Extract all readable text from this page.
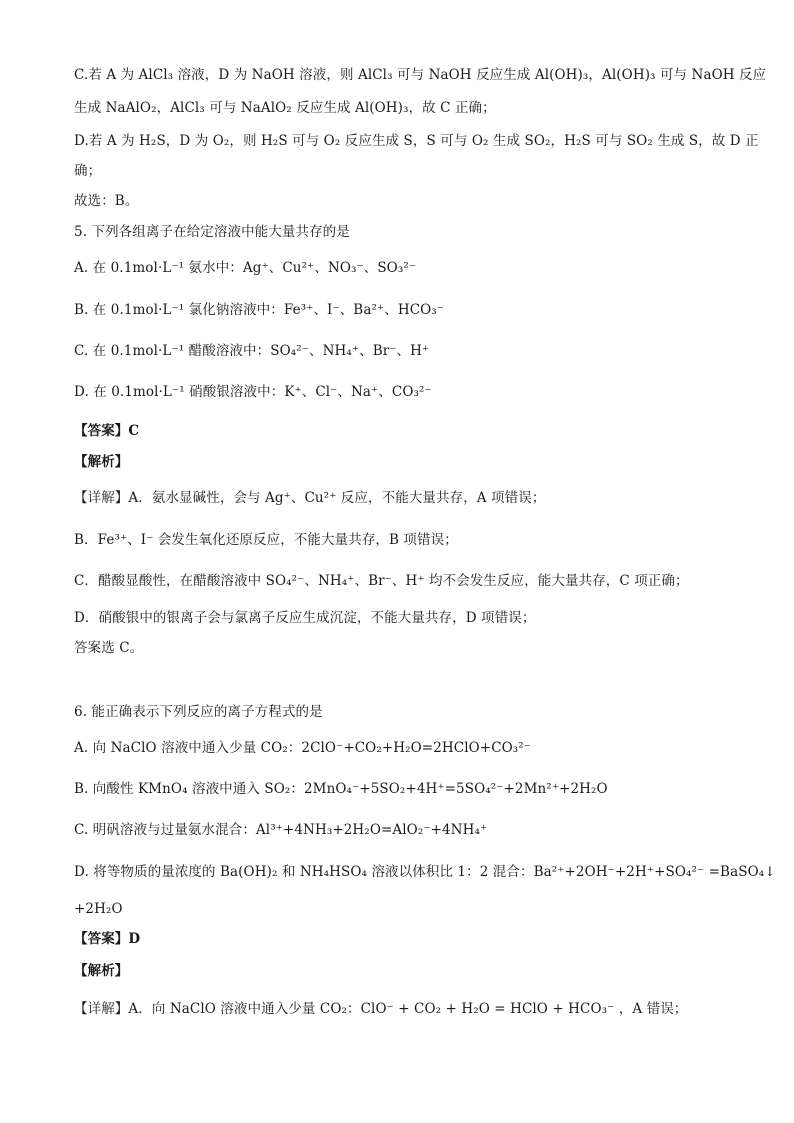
C.若 A 为 AlCl₃ 溶液，D 为 NaOH 溶液，则 AlCl₃ 可与 NaOH 反应生成 Al(OH)₃，Al(OH)₃ 可与 NaOH 反应
生成 NaAlO₂，AlCl₃ 可与 NaAlO₂ 反应生成 Al(OH)₃，故 C 正确；
D.若 A 为 H₂S，D 为 O₂，则 H₂S 可与 O₂ 反应生成 S，S 可与 O₂ 生成 SO₂，H₂S 可与 SO₂ 生成 S，故 D 正
确；
故选：B。
5. 下列各组离子在给定溶液中能大量共存的是
A. 在 0.1mol·L⁻¹ 氨水中：Ag⁺、Cu²⁺、NO₃⁻、SO₃²⁻
B. 在 0.1mol·L⁻¹ 氯化钠溶液中：Fe³⁺、I⁻、Ba²⁺、HCO₃⁻
C. 在 0.1mol·L⁻¹ 醋酸溶液中：SO₄²⁻、NH₄⁺、Br⁻、H⁺
D. 在 0.1mol·L⁻¹ 硝酸银溶液中：K⁺、Cl⁻、Na⁺、CO₃²⁻
【答案】C
【解析】
【详解】A．氨水显碱性，会与 Ag⁺、Cu²⁺ 反应，不能大量共存，A 项错误；
B．Fe³⁺、I⁻ 会发生氧化还原反应，不能大量共存，B 项错误；
C．醋酸显酸性，在醋酸溶液中 SO₄²⁻、NH₄⁺、Br⁻、H⁺ 均不会发生反应，能大量共存，C 项正确；
D．硝酸银中的银离子会与氯离子反应生成沉淀，不能大量共存，D 项错误；
答案选 C。
6. 能正确表示下列反应的离子方程式的是
A. 向 NaClO 溶液中通入少量 CO₂：2ClO⁻+CO₂+H₂O=2HClO+CO₃²⁻
B. 向酸性 KMnO₄ 溶液中通入 SO₂：2MnO₄⁻+5SO₂+4H⁺=5SO₄²⁻+2Mn²⁺+2H₂O
C. 明矾溶液与过量氨水混合：Al³⁺+4NH₃+2H₂O=AlO₂⁻+4NH₄⁺
D. 将等物质的量浓度的 Ba(OH)₂ 和 NH₄HSO₄ 溶液以体积比 1：2 混合：Ba²⁺+2OH⁻+2H⁺+SO₄²⁻ =BaSO₄↓
+2H₂O
【答案】D
【解析】
【详解】A．向 NaClO 溶液中通入少量 CO₂：ClO⁻ + CO₂ + H₂O = HClO + HCO₃⁻ ，A 错误；
